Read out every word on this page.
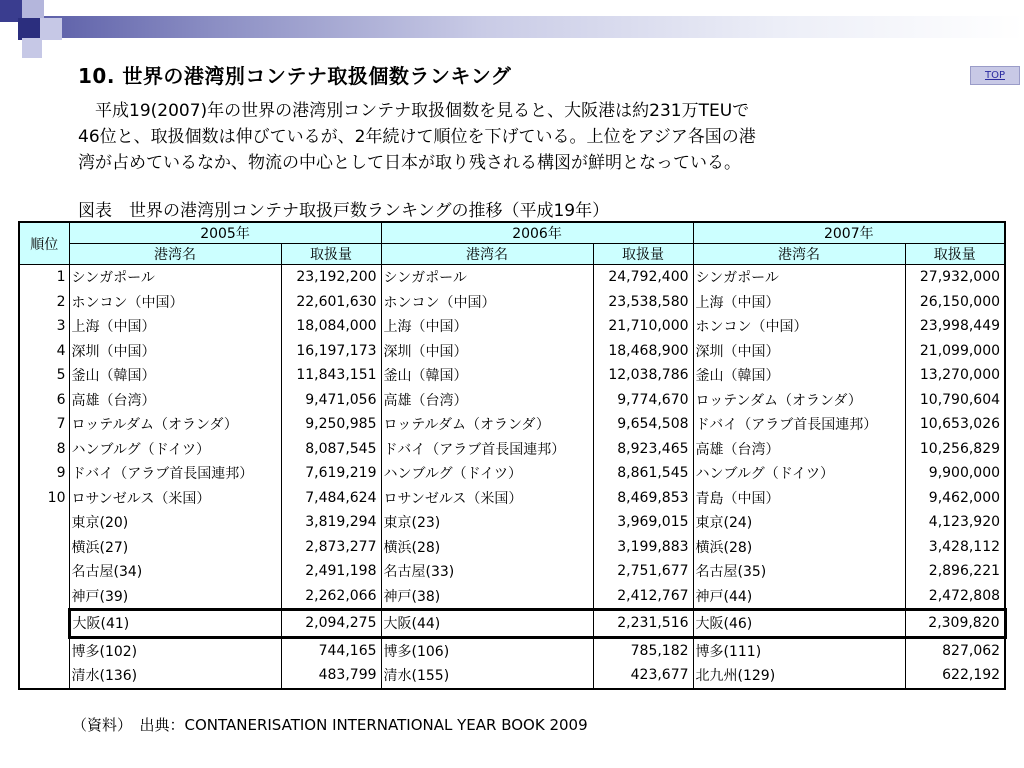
10. 世界の港湾別コンテナ取扱個数ランキング	TOP

平成19(2007)年の世界の港湾別コンテナ取扱個数を見ると、大阪港は約231万TEUで

46位と、取扱個数は伸びているが、2年続けて順位を下げている。上位をアジア各国の港

湾が占めているなか、物流の中心として日本が取り残される構図が鮮明となっている。

図表　世界の港湾別コンテナ取扱戸数ランキングの推移（平成19年）
順位	2005年		2006年		2007年	
	港湾名	取扱量	港湾名	取扱量	港湾名	取扱量
1	シンガポール	23,192,200	シンガポール	24,792,400	シンガポール	27,932,000
2	ホンコン（中国）	22,601,630	ホンコン（中国）	23,538,580	上海（中国）	26,150,000
3	上海（中国）	18,084,000	上海（中国）	21,710,000	ホンコン（中国）	23,998,449
4	深圳（中国）	16,197,173	深圳（中国）	18,468,900	深圳（中国）	21,099,000
5	釜山（韓国）	11,843,151	釜山（韓国）	12,038,786	釜山（韓国）	13,270,000
6	高雄（台湾）	9,471,056	高雄（台湾）	9,774,670	ロッテンダム（オランダ）	10,790,604
7	ロッテルダム（オランダ）	9,250,985	ロッテルダム（オランダ）	9,654,508	ドバイ（アラブ首長国連邦）	10,653,026
8	ハンブルグ（ドイツ）	8,087,545	ドバイ（アラブ首長国連邦）	8,923,465	高雄（台湾）	10,256,829
9	ドバイ（アラブ首長国連邦）	7,619,219	ハンブルグ（ドイツ）	8,861,545	ハンブルグ（ドイツ）	9,900,000
10	ロサンゼルス（米国）	7,484,624	ロサンゼルス（米国）	8,469,853	青島（中国）	9,462,000
	東京(20)	3,819,294	東京(23)	3,969,015	東京(24)	4,123,920
	横浜(27)	2,873,277	横浜(28)	3,199,883	横浜(28)	3,428,112
	名古屋(34)	2,491,198	名古屋(33)	2,751,677	名古屋(35)	2,896,221
	神戸(39)	2,262,066	神戸(38)	2,412,767	神戸(44)	2,472,808
	大阪(41)	2,094,275	大阪(44)	2,231,516	大阪(46)	2,309,820
	博多(102)	744,165	博多(106)	785,182	博多(111)	827,062
	清水(136)	483,799	清水(155)	423,677	北九州(129)	622,192
（資料）　出典：CONTANERISATION INTERNATIONAL YEAR BOOK 2009
